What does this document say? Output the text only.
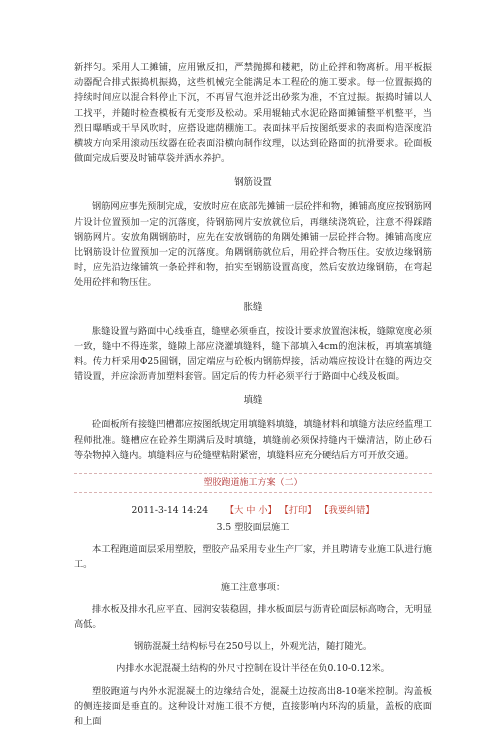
新拌匀。采用人工摊铺，应用锹反扣，严禁抛掷和耧耙，防止砼拌和物离析。用平板振动器配合排式振捣机振捣，这些机械完全能满足本工程砼的施工要求。每一位置振捣的持续时间应以混合料停止下沉，不再冒气泡并泛出砂浆为准，不宜过振。振捣时铺以人工找平，并随时检查模板有无变形及松动。采用辊轴式水泥砼路面摊铺整平机整平，当烈日曝晒或干旱风吹时，应搭设遮荫棚施工。表面抹平后按图纸要求的表面构造深度沿横坡方向采用滚动压纹器在砼表面沿横向制作纹理，以达到砼路面的抗滑要求。砼面板做面完成后要及时铺草袋并洒水养护。

钢筋设置

钢筋网应事先预制完成，安放时应在底部先摊铺一层砼拌和物，摊铺高度应按钢筋网片设计位置预加一定的沉落度，待钢筋网片安放就位后，再继续浇筑砼，注意不得踩踏钢筋网片。安放角隅钢筋时，应先在安放钢筋的角隅处摊铺一层砼拌合物。摊铺高度应比钢筋设计位置预加一定的沉落度。角隅钢筋就位后，用砼拌合物压住。安放边缘钢筋时，应先沿边缘铺筑一条砼拌和物，拍实至钢筋设置高度，然后安放边缘钢筋，在弯起处用砼拌和物压住。

胀缝

胀缝设置与路面中心线垂直，缝壁必须垂直，按设计要求放置泡沫板，缝隙宽度必须一致，缝中不得连浆，缝隙上部应浇灌填缝料，缝下部填入4cm的泡沫板，再填塞填缝料。传力杆采用Φ25圆钢，固定端应与砼板内钢筋焊接，活动端应按设计在缝的两边交错设置，并应涂沥青加塑料套管。固定后的传力杆必须平行于路面中心线及板面。

填缝

砼面板所有接缝凹槽都应按图纸规定用填缝料填缝，填缝材料和填缝方法应经监理工程师批准。缝槽应在砼养生期满后及时填缝，填缝前必须保持缝内干燥清洁，防止砂石等杂物掉入缝内。填缝料应与砼缝壁粘附紧密，填缝料应充分硬结后方可开放交通。

塑胶跑道施工方案（二）
2011-3-14 14:24 【大 中 小】 【打印】 【我要纠错】

3.5 塑胶面层施工

本工程跑道面层采用塑胶，塑胶产品采用专业生产厂家，并且聘请专业施工队进行施工。

施工注意事项：

排水板及排水孔应平直、园润安装稳固，排水板面层与沥青砼面层标高吻合，无明显高低。

钢筋混凝土结构标号在250号以上，外观光洁，随打随光。

内排水水泥混凝土结构的外尺寸控制在设计半径在负0.10-0.12米。

塑胶跑道与内外水泥混凝土的边缘结合处，混凝土边按高出8-10毫米控制。沟盖板的侧连接面是垂直的。这种设计对施工很不方便，直接影响内环沟的质量，盖板的底面和上面
